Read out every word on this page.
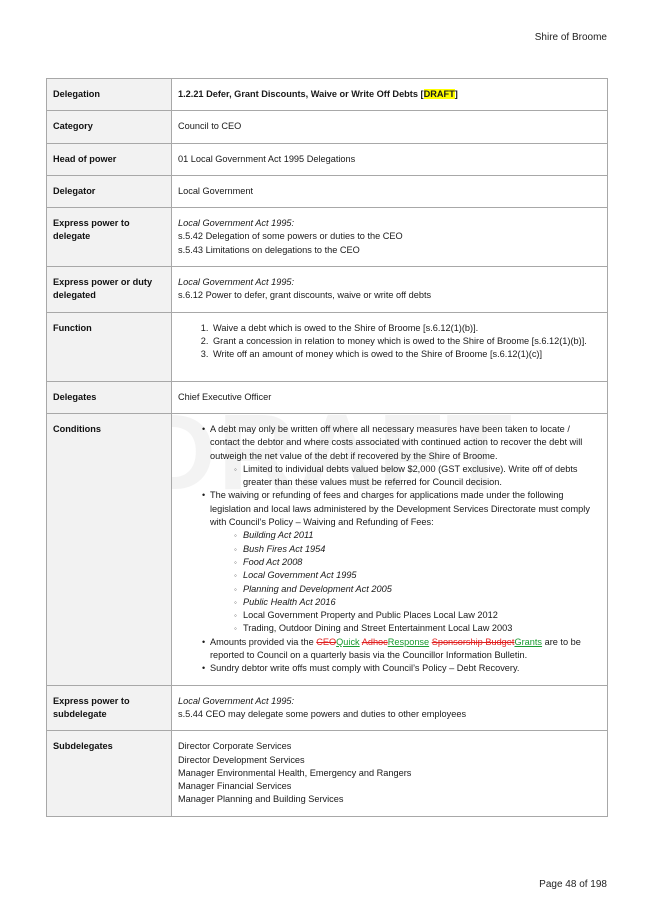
Shire of Broome
Delegation	1.2.21 Defer, Grant Discounts, Waive or Write Off Debts [DRAFT]
Category	Council to CEO
Head of power	01 Local Government Act 1995 Delegations
Delegator	Local Government
Express power to delegate	Local Government Act 1995:
s.5.42 Delegation of some powers or duties to the CEO
s.5.43 Limitations on delegations to the CEO

Express power or duty delegated	Local Government Act 1995:
s.6.12 Power to defer, grant discounts, waive or write off debts

Function	
1.Waive a debt which is owed to the Shire of Broome [s.6.12(1)(b)].
2. Grant a concession in relation to money which is owed to the Shire of Broome [s.6.12(1)(b)].
3. Write off an amount of money which is owed to the Shire of Broome [s.6.12(1)(c)]

Delegates	Chief Executive Officer
Conditions	
•A debt may only be written off where all necessary measures have been taken to locate / contact the debtor and where costs associated with continued action to recover the debt will outweigh the net value of the debt if recovered by the Shire of Broome.
◦ Limited to individual debts valued below $2,000 (GST exclusive). Write off of debts greater than these values must be referred for Council decision.
• The waiving or refunding of fees and charges for applications made under the following legislation and local laws administered by the Development Services Directorate must comply with Council’s Policy – Waiving and Refunding of Fees:
◦ Building Act 2011
◦ Bush Fires Act 1954
◦ Food Act 2008
◦ Local Government Act 1995
◦ Planning and Development Act 2005
◦ Public Health Act 2016
◦ Local Government Property and Public Places Local Law 2012
◦ Trading, Outdoor Dining and Street Entertainment Local Law 2003
• Amounts provided via the CEOQuick AdhocResponse Sponsorship BudgetGrants are to be reported to Council on a quarterly basis via the Councillor Information Bulletin.
• Sundry debtor write offs must comply with Council’s Policy – Debt Recovery.

Express power to subdelegate	Local Government Act 1995:
s.5.44 CEO may delegate some powers and duties to other employees

Subdelegates	Director Corporate Services
Director Development Services
Manager Environmental Health, Emergency and Rangers
Manager Financial Services
Manager Planning and Building Services
Page 48 of 198
